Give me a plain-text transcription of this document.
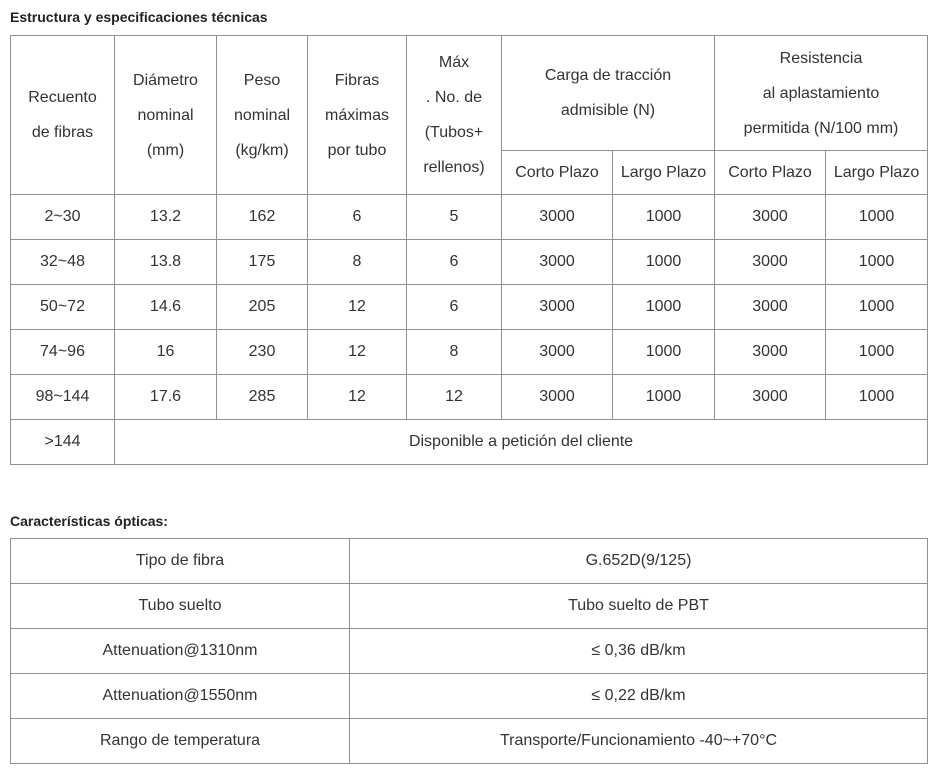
Estructura y especificaciones técnicas
Recuento
de fibras	Diámetro
nominal
(mm)	Peso
nominal
(kg/km)	Fibras
máximas
por tubo	Máx
. No. de
(Tubos+
rellenos)	Carga de tracción
admisible (N)		Resistencia
al aplastamiento
permitida (N/100 mm)	

					Corto Plazo	Largo Plazo	Corto Plazo	Largo Plazo
2~30	13.2	162	6	5	3000	1000	3000	1000
32~48	13.8	175	8	6	3000	1000	3000	1000
50~72	14.6	205	12	6	3000	1000	3000	1000
74~96	16	230	12	8	3000	1000	3000	1000
98~144	17.6	285	12	12	3000	1000	3000	1000
>144	Disponible a petición del cliente							
Características ópticas:
Tipo de fibra	G.652D(9/125)
Tubo suelto	Tubo suelto de PBT
Attenuation@1310nm	≤ 0,36 dB/km
Attenuation@1550nm	≤ 0,22 dB/km
Rango de temperatura	Transporte/Funcionamiento -40~+70°C
